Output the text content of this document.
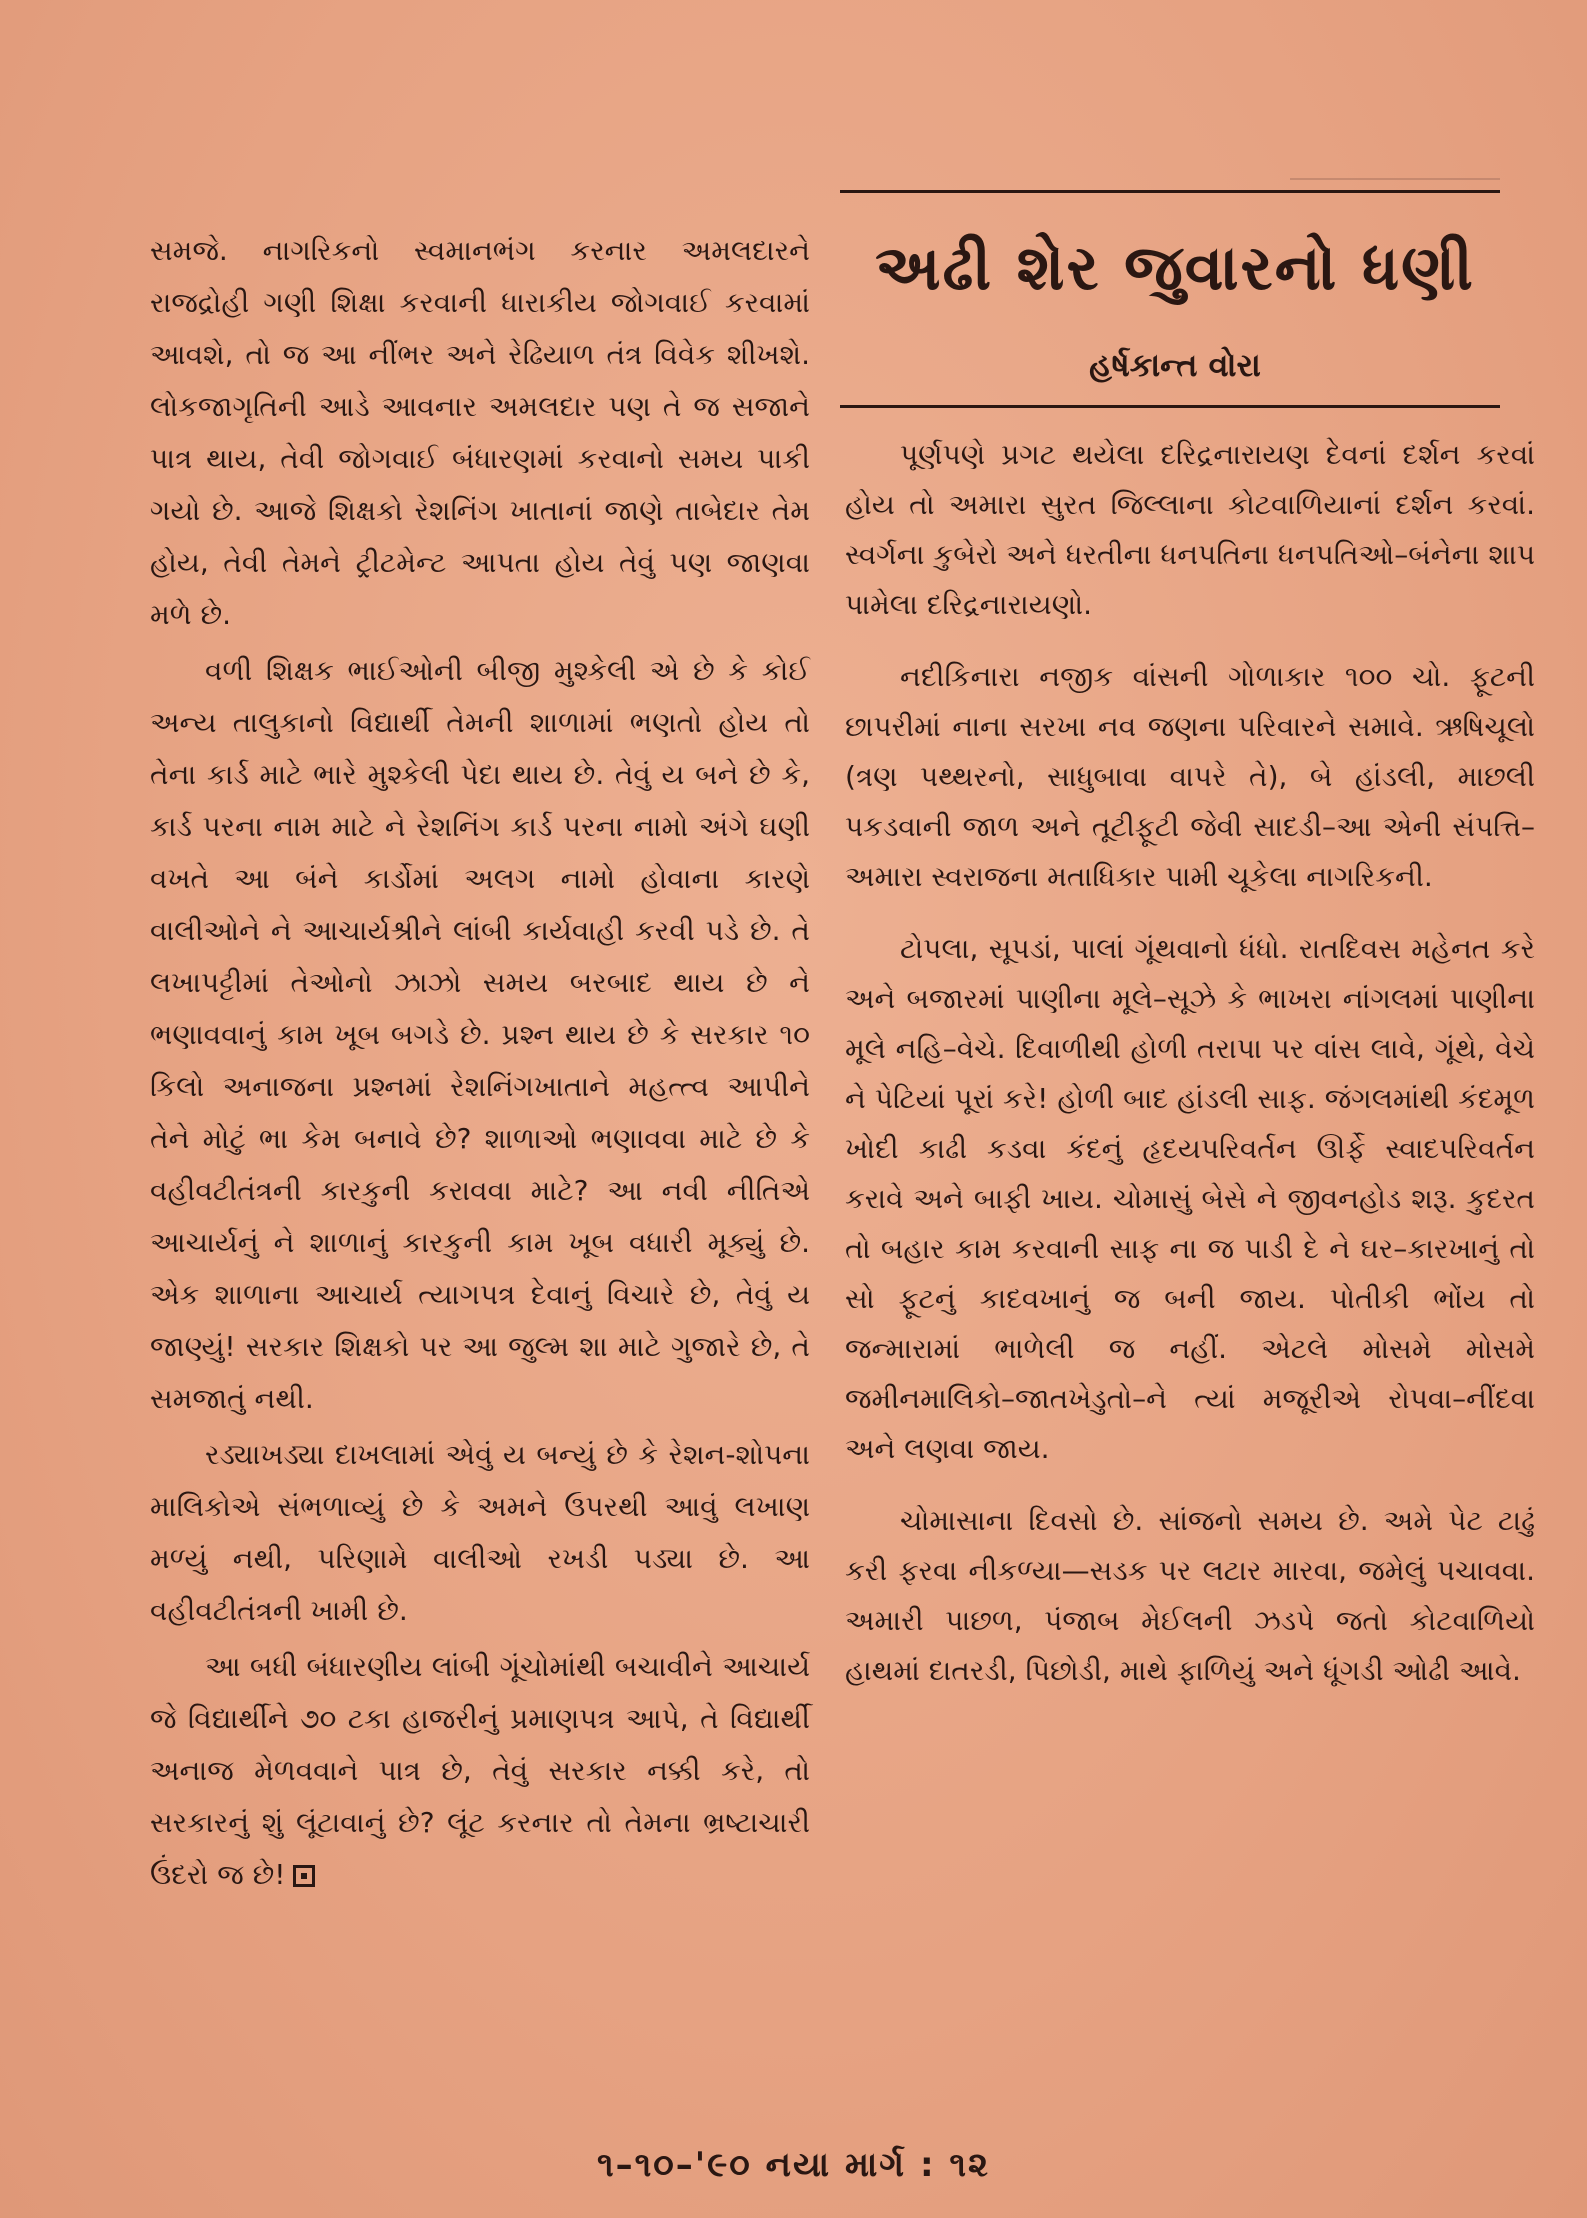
સમજે. નાગરિકનો સ્વમાનભંગ કરનાર અમલદારને રાજદ્રોહી ગણી શિક્ષા કરવાની ધારાકીય જોગવાઈ કરવામાં આવશે, તો જ આ નીંભર અને રેઢિયાળ તંત્ર વિવેક શીખશે. લોકજાગૃતિની આડે આવનાર અમલદાર પણ તે જ સજાને પાત્ર થાય, તેવી જોગવાઈ બંધારણમાં કરવાનો સમય પાકી ગયો છે. આજે શિક્ષકો રેશનિંગ ખાતાનાં જાણે તાબેદાર તેમ હોય, તેવી તેમને ટ્રીટમેન્ટ આપતા હોય તેવું પણ જાણવા મળે છે.

વળી શિક્ષક ભાઈઓની બીજી મુશ્કેલી એ છે કે કોઈ અન્ય તાલુકાનો વિદ્યાર્થી તેમની શાળામાં ભણતો હોય તો તેના કાર્ડ માટે ભારે મુશ્કેલી પેદા થાય છે. તેવું ય બને છે કે, કાર્ડ પરના નામ માટે ને રેશનિંગ કાર્ડ પરના નામો અંગે ઘણી વખતે આ બંને કાર્ડોમાં અલગ નામો હોવાના કારણે વાલીઓને ને આચાર્યશ્રીને લાંબી કાર્યવાહી કરવી પડે છે. તે લખાપટ્ટીમાં તેઓનો ઝાઝો સમય બરબાદ થાય છે ને ભણાવવાનું કામ ખૂબ બગડે છે. પ્રશ્ન થાય છે કે સરકાર ૧૦ કિલો અનાજના પ્રશ્નમાં રેશનિંગખાતાને મહત્ત્વ આપીને તેને મોટું ભા કેમ બનાવે છે? શાળાઓ ભણાવવા માટે છે કે વહીવટીતંત્રની કારકુની કરાવવા માટે? આ નવી નીતિએ આચાર્યનું ને શાળાનું કારકુની કામ ખૂબ વધારી મૂક્યું છે. એક શાળાના આચાર્ય ત્યાગપત્ર દેવાનું વિચારે છે, તેવું ય જાણ્યું! સરકાર શિક્ષકો પર આ જુલ્મ શા માટે ગુજારે છે, તે સમજાતું નથી.

રડ્યાખડ્યા દાખલામાં એવું ય બન્યું છે કે રેશન-શોપના માલિકોએ સંભળાવ્યું છે કે અમને ઉપરથી આવું લખાણ મળ્યું નથી, પરિણામે વાલીઓ રખડી પડ્યા છે. આ વહીવટીતંત્રની ખામી છે.

આ બધી બંધારણીય લાંબી ગૂંચોમાંથી બચાવીને આચાર્ય જે વિદ્યાર્થીને ૭૦ ટકા હાજરીનું પ્રમાણપત્ર આપે, તે વિદ્યાર્થી અનાજ મેળવવાને પાત્ર છે, તેવું સરકાર નક્કી કરે, તો સરકારનું શું લૂંટાવાનું છે? લૂંટ કરનાર તો તેમના ભ્રષ્ટાચારી ઉંદરો જ છે!

અઢી શેર જુવારનો ધણી
હર્ષકાન્ત વોરા

પૂર્ણપણે પ્રગટ થયેલા દરિદ્રનારાયણ દેવનાં દર્શન કરવાં હોય તો અમારા સુરત જિલ્લાના કોટવાળિયાનાં દર્શન કરવાં. સ્વર્ગના કુબેરો અને ધરતીના ધનપતિના ધનપતિઓ–બંનેના શાપ પામેલા દરિદ્રનારાયણો.

નદીકિનારા નજીક વાંસની ગોળાકાર ૧૦૦ ચો. ફૂટની છાપરીમાં નાના સરખા નવ જણના પરિવારને સમાવે. ઋષિચૂલો (ત્રણ પથ્થરનો, સાધુબાવા વાપરે તે), બે હાંડલી, માછલી પકડવાની જાળ અને તૂટીફૂટી જેવી સાદડી–આ એની સંપત્તિ–અમારા સ્વરાજના મતાધિકાર પામી ચૂકેલા નાગરિકની.

ટોપલા, સૂપડાં, પાલાં ગૂંથવાનો ધંધો. રાતદિવસ મહેનત કરે અને બજારમાં પાણીના મૂલે–સૂઝે કે ભાખરા નાંગલમાં પાણીના મૂલે નહિ–વેચે. દિવાળીથી હોળી તરાપા પર વાંસ લાવે, ગૂંથે, વેચે ને પેટિયાં પૂરાં કરે! હોળી બાદ હાંડલી સાફ. જંગલમાંથી કંદમૂળ ખોદી કાઢી કડવા કંદનું હૃદયપરિવર્તન ઊર્ફે સ્વાદપરિવર્તન કરાવે અને બાફી ખાય. ચોમાસું બેસે ને જીવનહોડ શરૂ. કુદરત તો બહાર કામ કરવાની સાફ ના જ પાડી દે ને ઘર–કારખાનું તો સો ફૂટનું કાદવખાનું જ બની જાય. પોતીકી ભોંય તો જન્મારામાં ભાળેલી જ નહીં. એટલે મોસમે મોસમે જમીનમાલિકો–જાતખેડુતો–ને ત્યાં મજૂરીએ રોપવા–નીંદવા અને લણવા જાય.

ચોમાસાના દિવસો છે. સાંજનો સમય છે. અમે પેટ ટાઢું કરી ફરવા નીકળ્યા—સડક પર લટાર મારવા, જમેલું પચાવવા. અમારી પાછળ, પંજાબ મેઈલની ઝડપે જતો કોટવાળિયો હાથમાં દાતરડી, પિછોડી, માથે ફાળિયું અને ધૂંગડી ઓઢી આવે.

૧–૧૦–'૯૦ નયા માર્ગ : ૧૨
